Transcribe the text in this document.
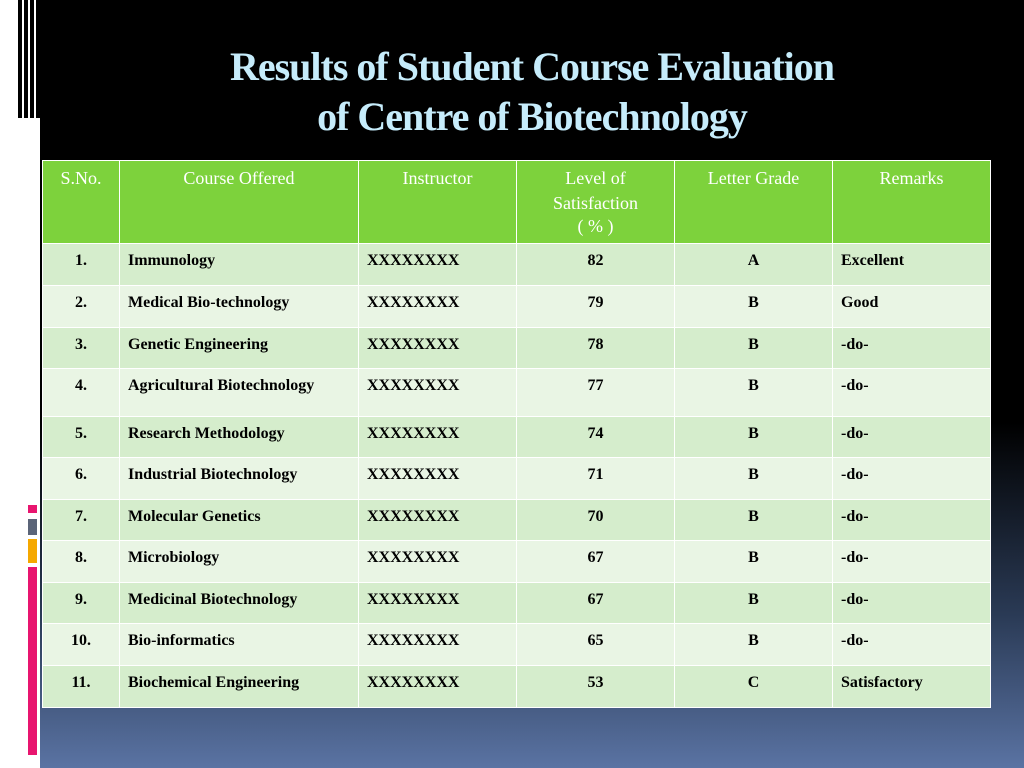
Results of Student Course Evaluation
of Centre of Biotechnology
S.No.	Course Offered	Instructor	Level of
Satisfaction
( % )	Letter Grade	Remarks
1.	Immunology	XXXXXXXX	82	A	Excellent
2.	Medical Bio-technology	XXXXXXXX	79	B	Good
3.	Genetic Engineering	XXXXXXXX	78	B	-do-
4.	Agricultural Biotechnology	XXXXXXXX	77	B	-do-
5.	Research Methodology	XXXXXXXX	74	B	-do-
6.	Industrial Biotechnology	XXXXXXXX	71	B	-do-
7.	Molecular Genetics	XXXXXXXX	70	B	-do-
8.	Microbiology	XXXXXXXX	67	B	-do-
9.	Medicinal Biotechnology	XXXXXXXX	67	B	-do-
10.	Bio-informatics	XXXXXXXX	65	B	-do-
11.	Biochemical Engineering	XXXXXXXX	53	C	Satisfactory
